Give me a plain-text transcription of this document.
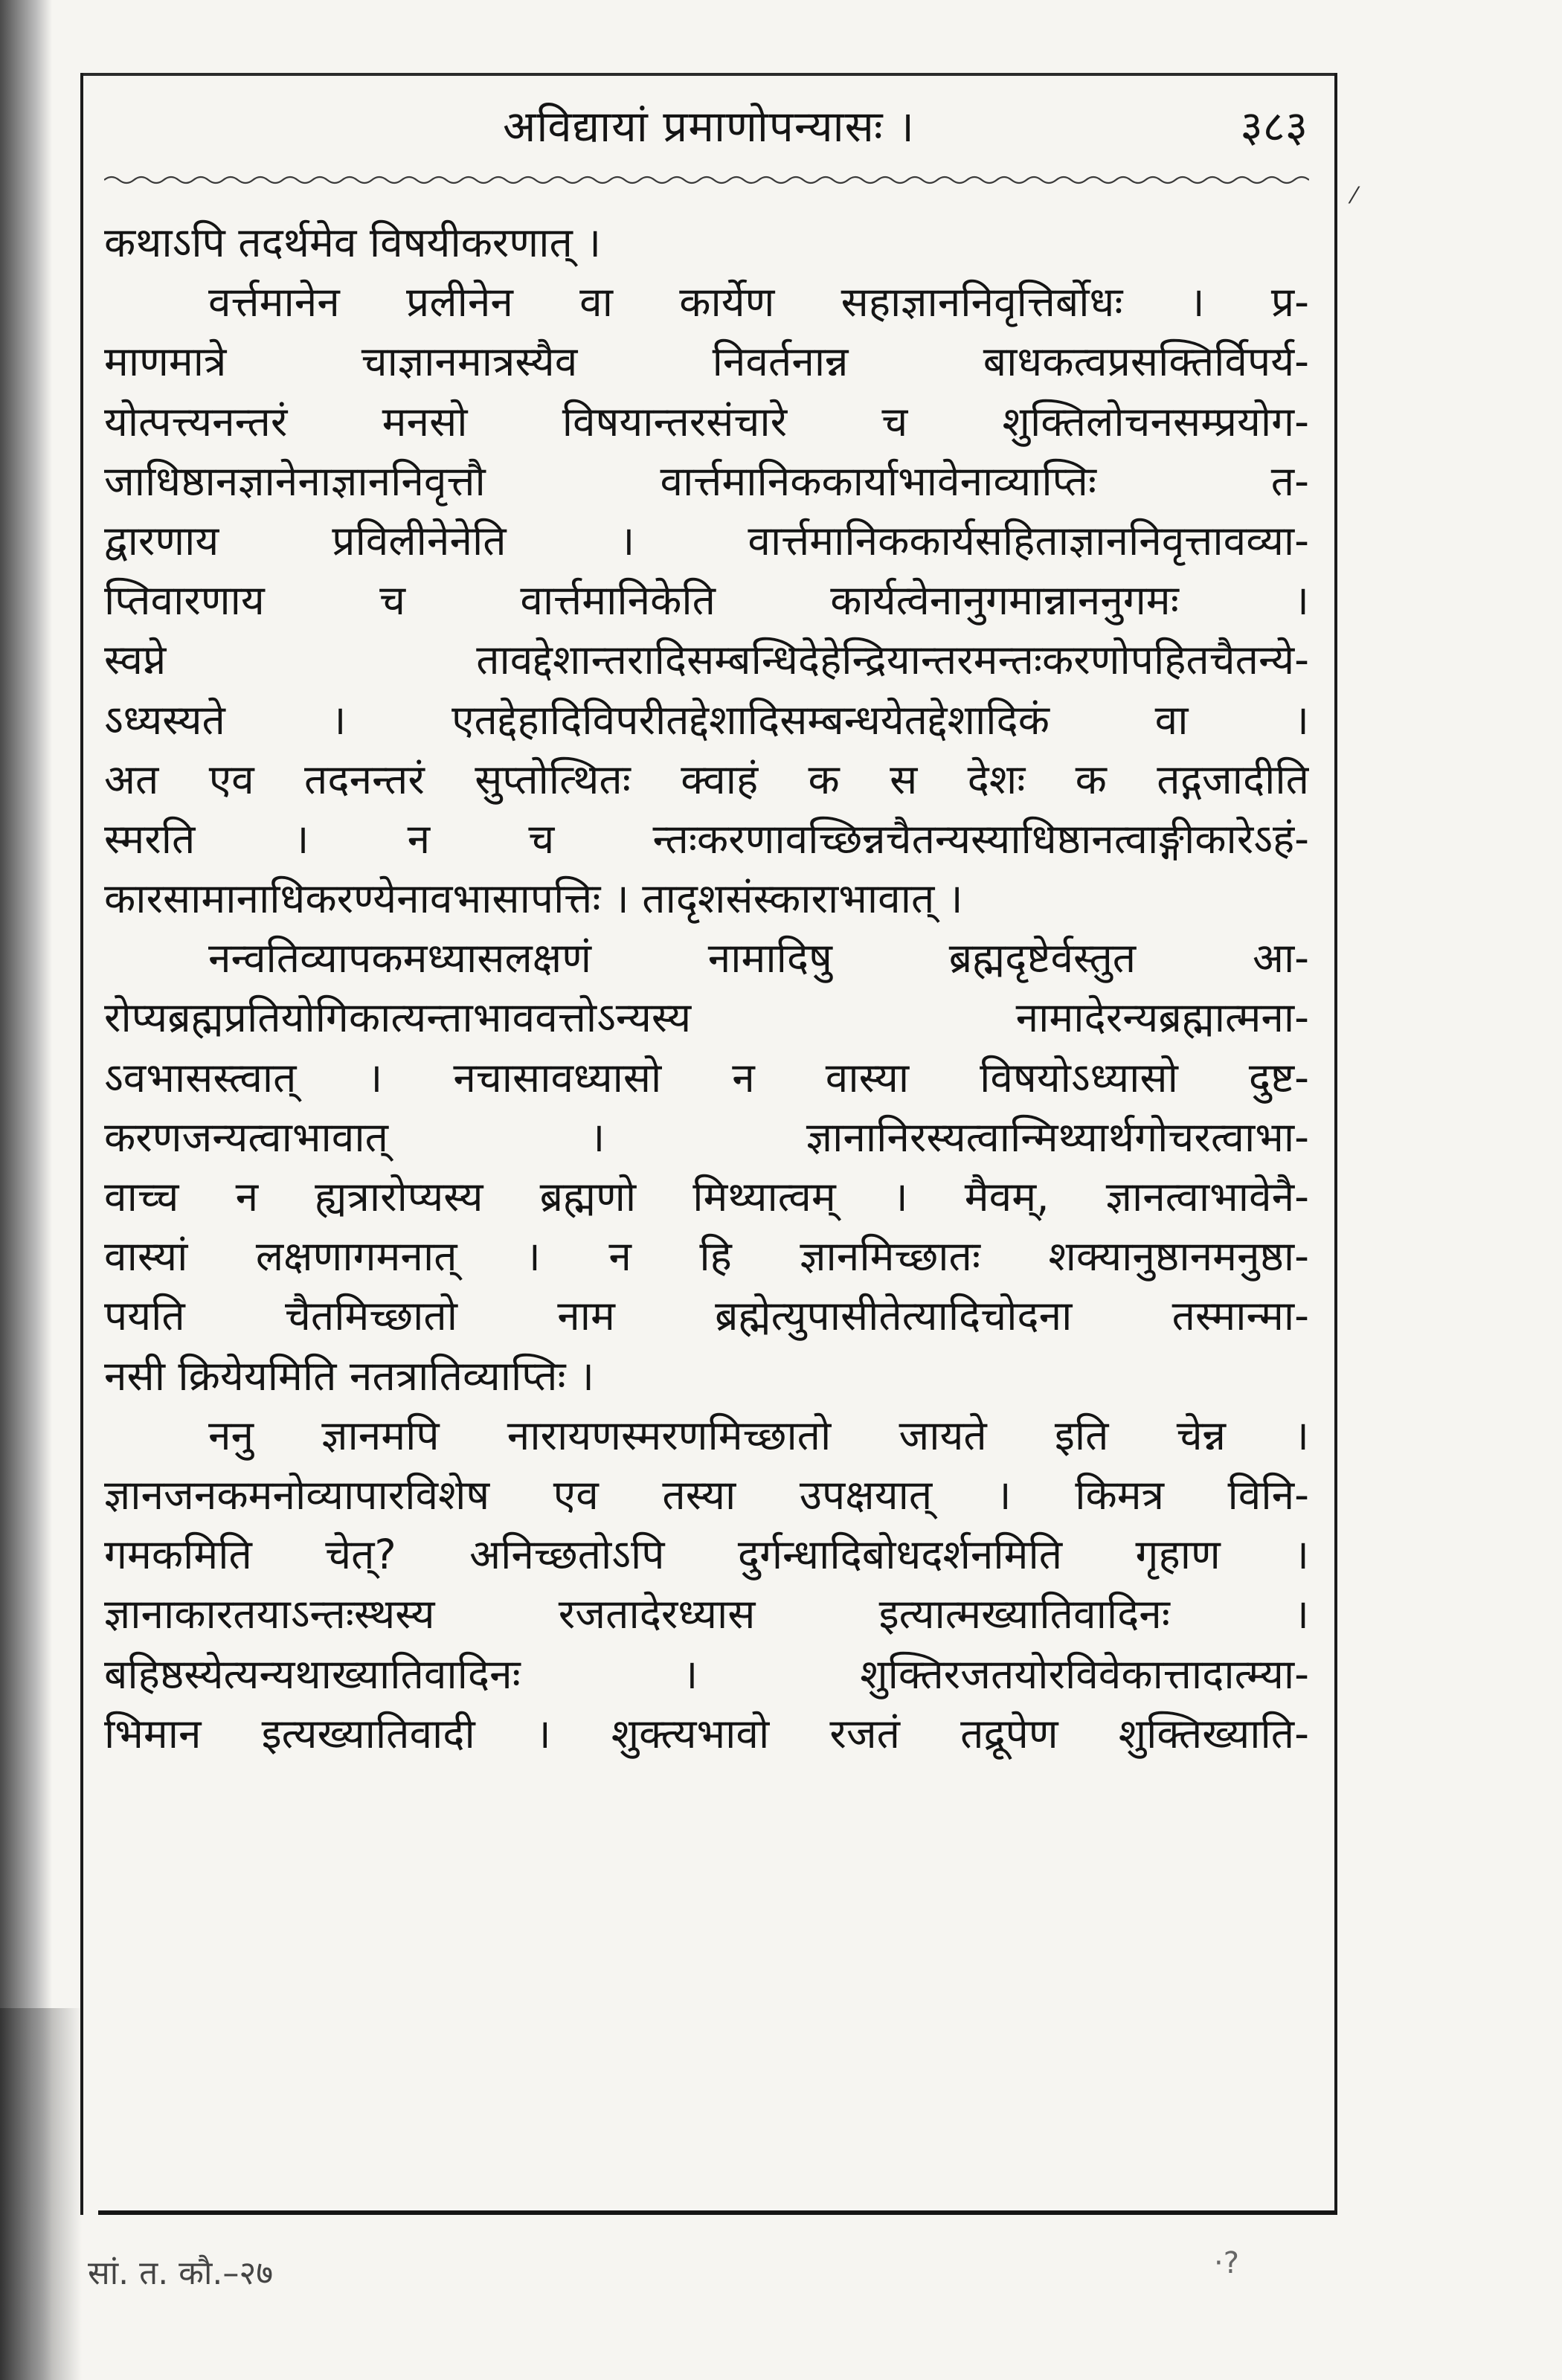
अविद्यायां प्रमाणोपन्यासः ।	३८३
⁄
कथाऽपि तदर्थमेव विषयीकरणात् ।
वर्त्तमानेन प्रलीनेन वा कार्येण सहाज्ञाननिवृत्तिर्बोधः । प्र-
माणमात्रे चाज्ञानमात्रस्यैव निवर्तनान्न बाधकत्वप्रसक्तिर्विपर्य-
योत्पत्त्यनन्तरं मनसो विषयान्तरसंचारे च शुक्तिलोचनसम्प्रयोग-
जाधिष्ठानज्ञानेनाज्ञाननिवृत्तौ वार्त्तमानिककार्याभावेनाव्याप्तिः त-
द्वारणाय प्रविलीनेनेति । वार्त्तमानिककार्यसहिताज्ञाननिवृत्तावव्या-
प्तिवारणाय च वार्त्तमानिकेति कार्यत्वेनानुगमान्नाननुगमः ।
स्वप्ने तावद्देशान्तरादिसम्बन्धिदेहेन्द्रियान्तरमन्तःकरणोपहितचैतन्ये-
ऽध्यस्यते । एतद्देहादिविपरीतद्देशादिसम्बन्धयेतद्देशादिकं वा ।
अत एव तदनन्तरं सुप्तोत्थितः क्वाहं क स देशः क तद्गजादीति
स्मरति । न च न्तःकरणावच्छिन्नचैतन्यस्याधिष्ठानत्वाङ्गीकारेऽहं-
कारसामानाधिकरण्येनावभासापत्तिः । तादृशसंस्काराभावात् ।
नन्वतिव्यापकमध्यासलक्षणं नामादिषु ब्रह्मदृष्टेर्वस्तुत आ-
रोप्यब्रह्मप्रतियोगिकात्यन्ताभाववत्तोऽन्यस्य नामादेरन्यब्रह्मात्मना-
ऽवभासस्त्वात् । नचासावध्यासो न वास्या विषयोऽध्यासो दुष्ट-
करणजन्यत्वाभावात् । ज्ञानानिरस्यत्वान्मिथ्यार्थगोचरत्वाभा-
वाच्च न ह्यत्रारोप्यस्य ब्रह्मणो मिथ्यात्वम् । मैवम्, ज्ञानत्वाभावेनै-
वास्यां लक्षणागमनात् । न हि ज्ञानमिच्छातः शक्यानुष्ठानमनुष्ठा-
पयति चैतमिच्छातो नाम ब्रह्मेत्युपासीतेत्यादिचोदना तस्मान्मा-
नसी क्रियेयमिति नतत्रातिव्याप्तिः ।
ननु ज्ञानमपि नारायणस्मरणमिच्छातो जायते इति चेन्न ।
ज्ञानजनकमनोव्यापारविशेष एव तस्या उपक्षयात् । किमत्र विनि-
गमकमिति चेत्? अनिच्छतोऽपि दुर्गन्धादिबोधदर्शनमिति गृहाण ।
ज्ञानाकारतयाऽन्तःस्थस्य रजतादेरध्यास इत्यात्मख्यातिवादिनः ।
बहिष्ठस्येत्यन्यथाख्यातिवादिनः । शुक्तिरजतयोरविवेकात्तादात्म्या-
भिमान इत्यख्यातिवादी । शुक्त्यभावो रजतं तद्रूपेण शुक्तिख्याति-
सां. त. कौ.–२७	·?
